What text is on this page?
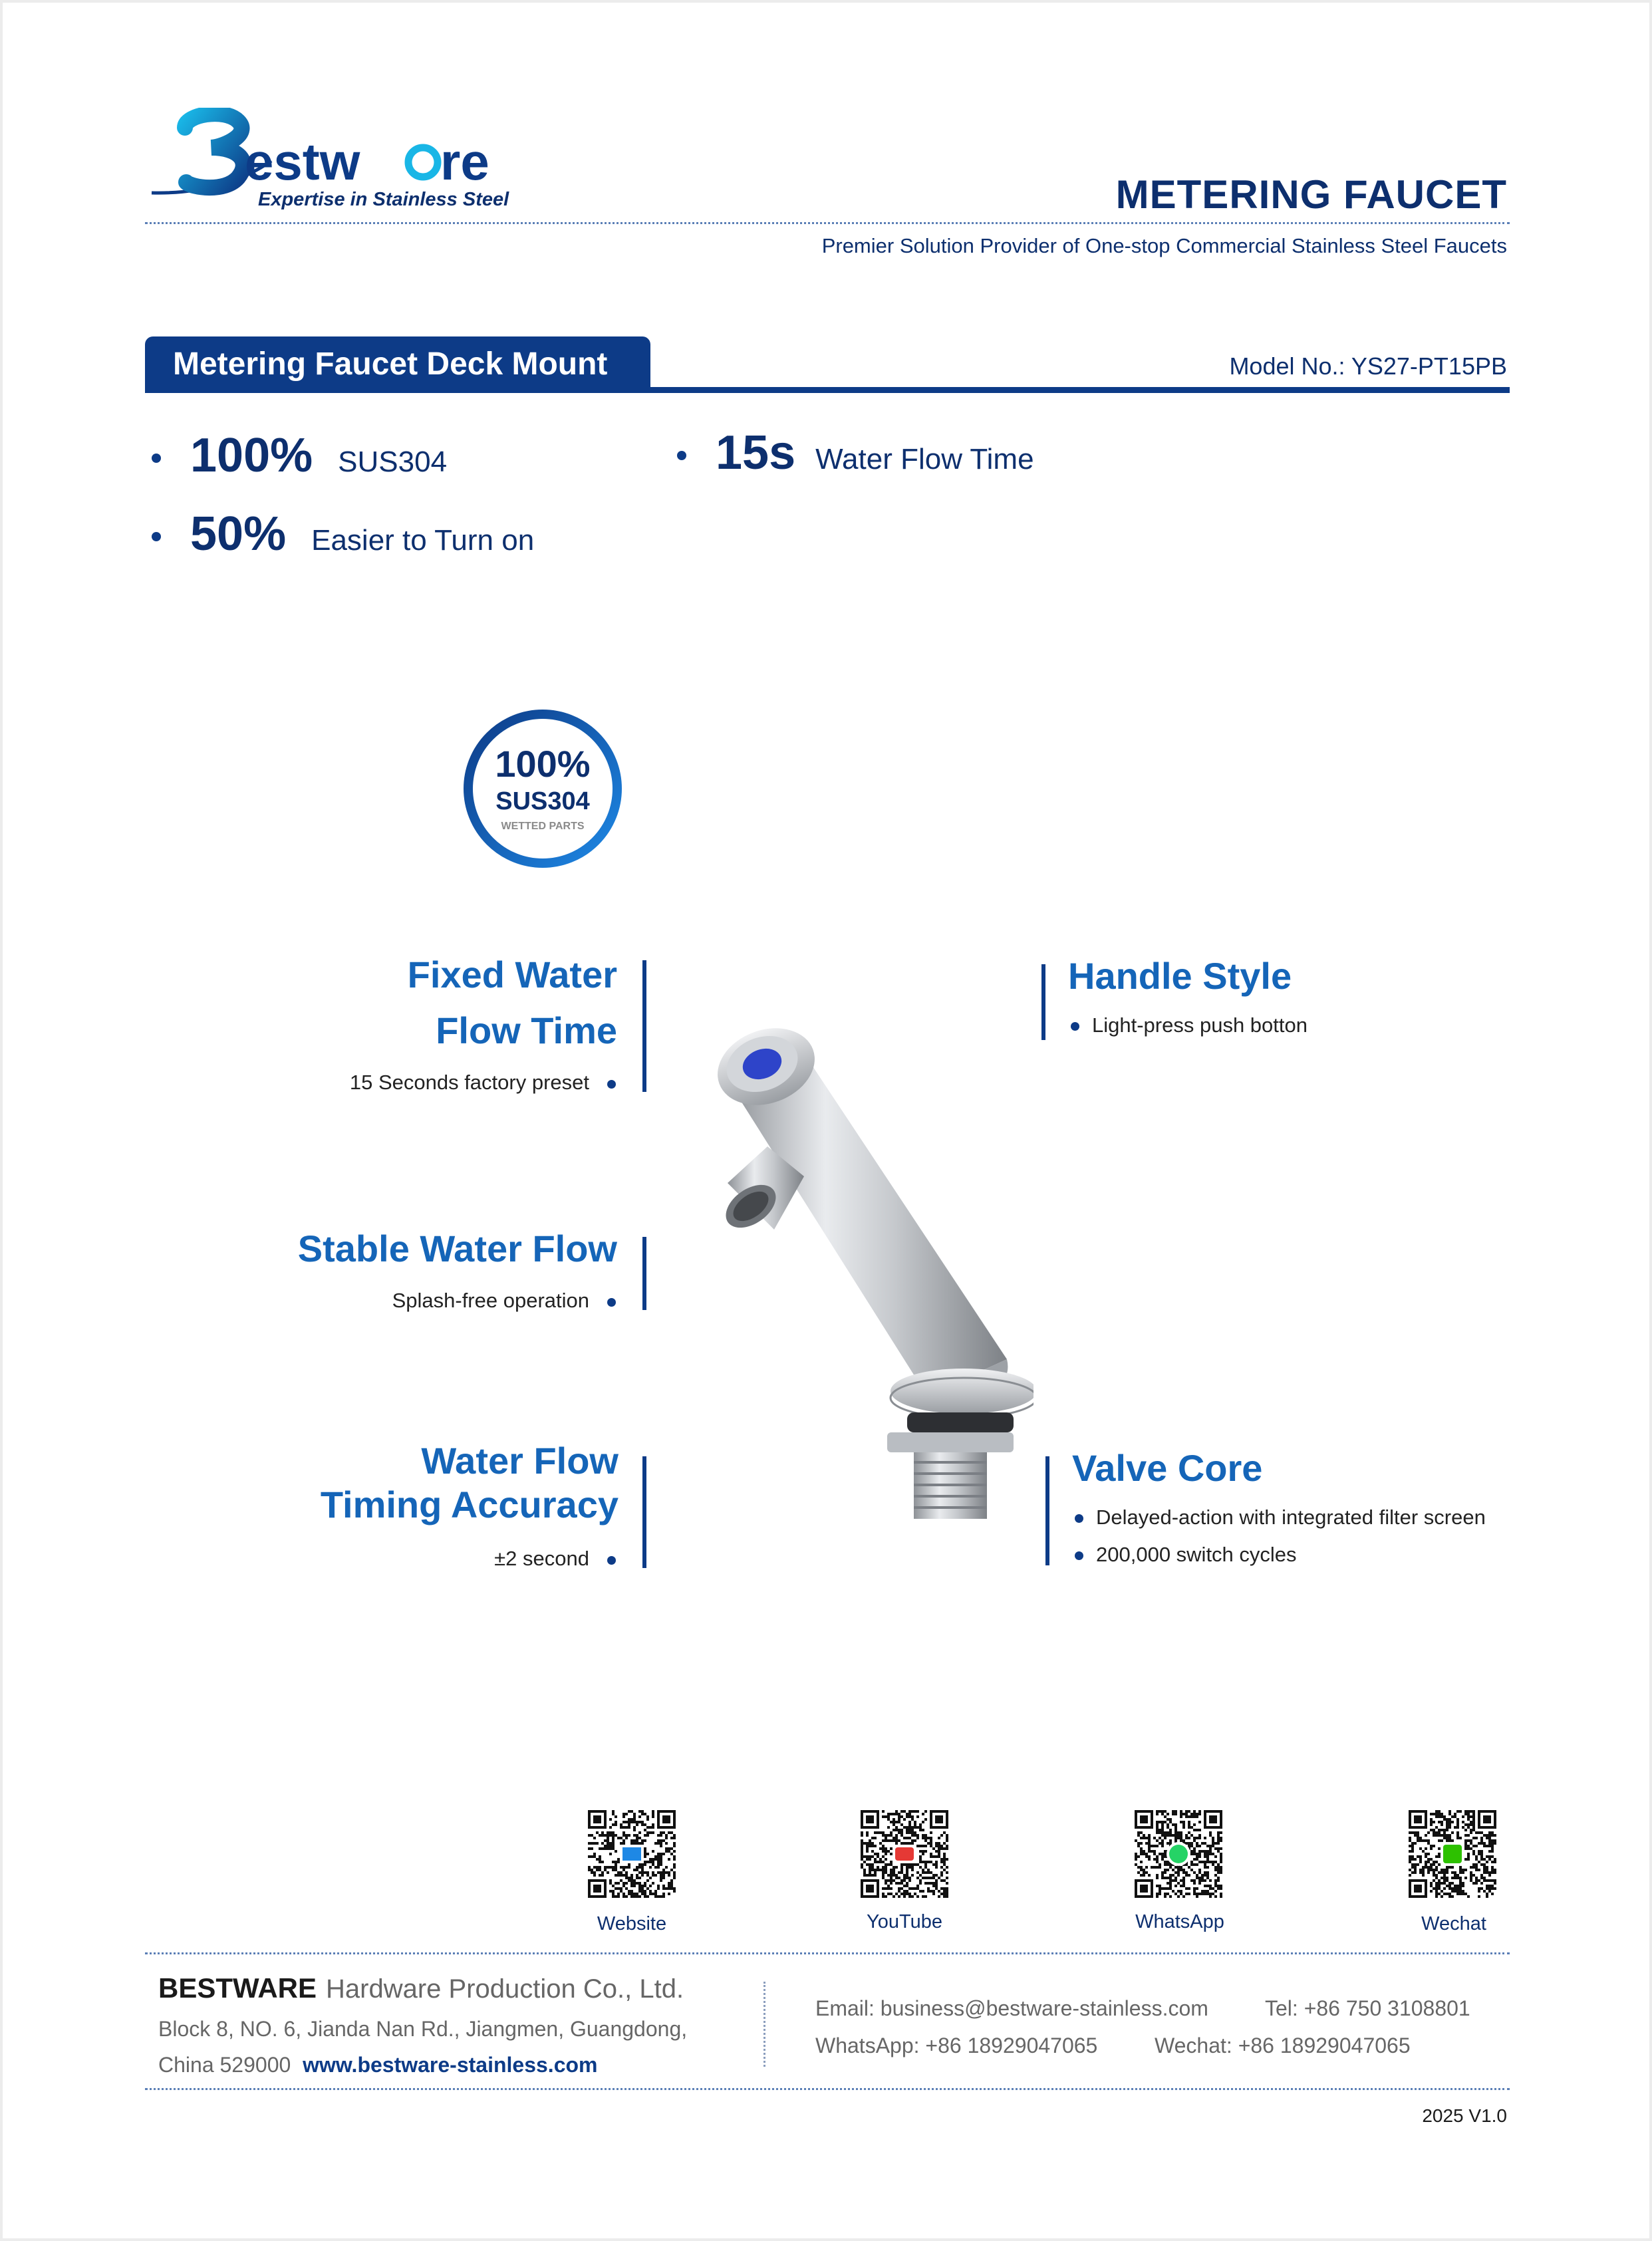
estw re
Expertise in Stainless Steel	METERING FAUCET
Premier Solution Provider of One-stop Commercial Stainless Steel Faucets
Metering Faucet Deck Mount	Model No.: YS27-PT15PB
100% SUS304
50% Easier to Turn on
15s Water Flow Time
100%
SUS304
WETTED PARTS
Fixed Water
Flow Time
15 Seconds factory preset
Stable Water Flow
Splash-free operation
Water Flow
Timing Accuracy
±2 second
Handle Style
Light-press push botton
Valve Core
Delayed-action with integrated filter screen
200,000 switch cycles
Website	YouTube	WhatsApp	Wechat
BESTWARE Hardware Production Co., Ltd.
Block 8, NO. 6, Jianda Nan Rd., Jiangmen, Guangdong,
China 529000 www.bestware-stainless.com
Email: business@bestware-stainless.com	Tel: +86 750 3108801
WhatsApp: +86 18929047065	Wechat: +86 18929047065
2025 V1.0
